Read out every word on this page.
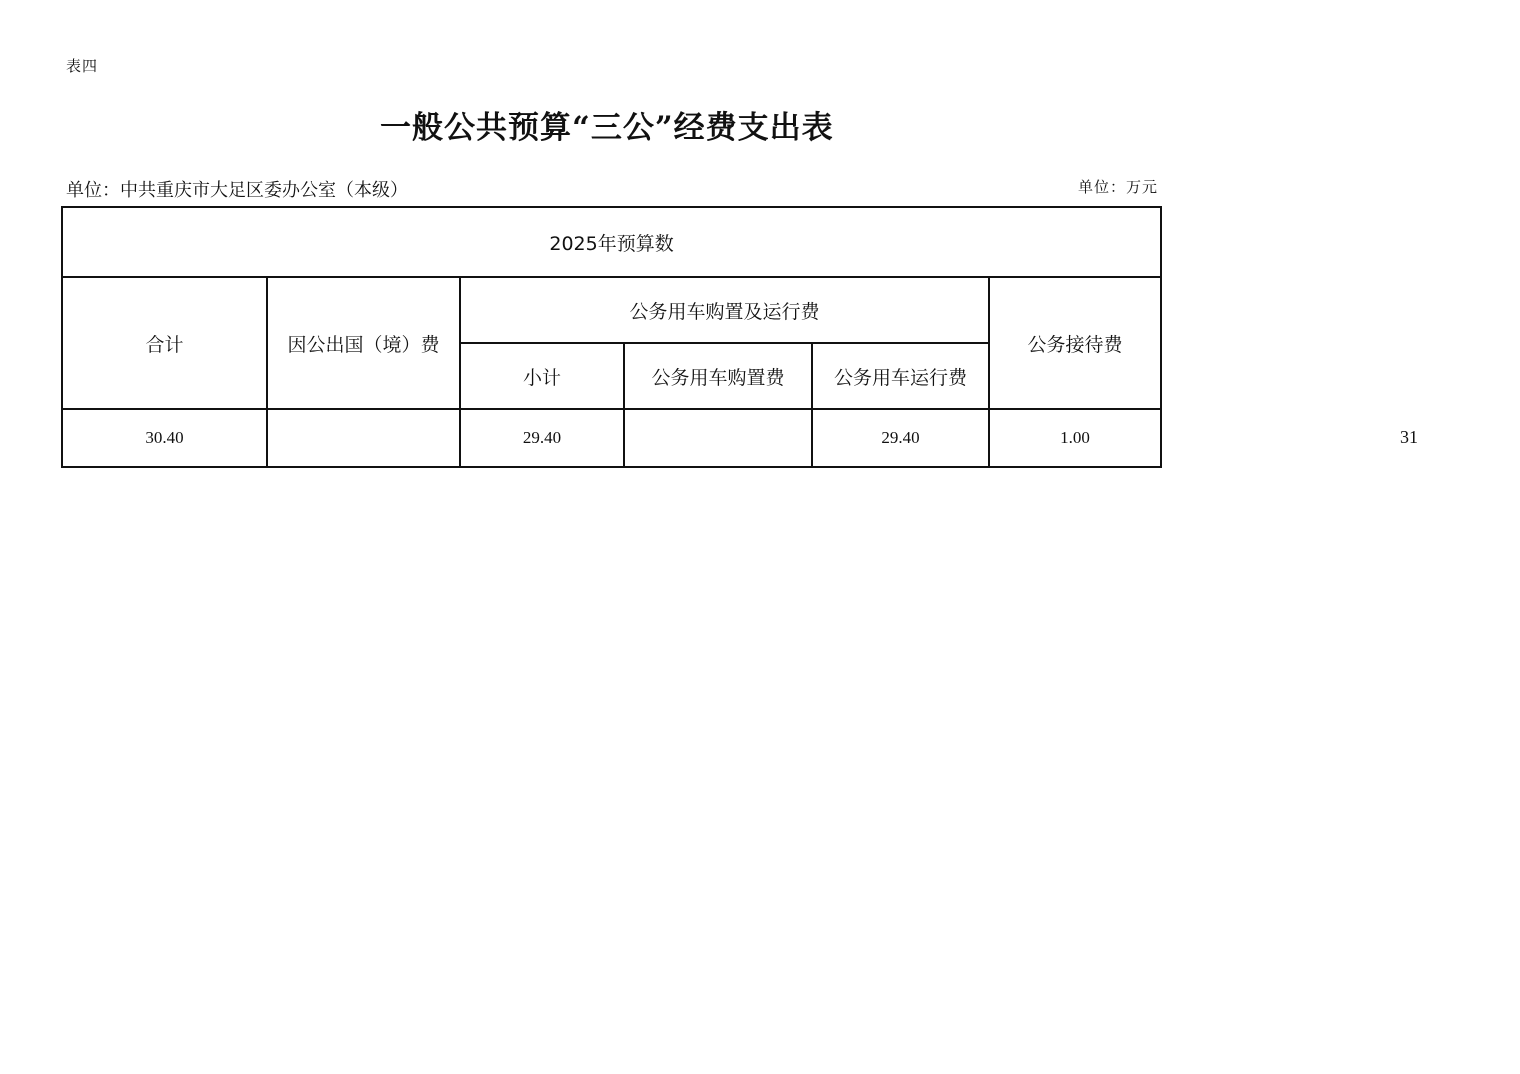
表四
一般公共预算“三公”经费支出表
单位：中共重庆市大足区委办公室（本级）	单位：万元
2025年预算数					
合计	因公出国（境）费	公务用车购置及运行费			公务接待费
		小计	公务用车购置费	公务用车运行费	
30.40		29.40		29.40	1.00	31
